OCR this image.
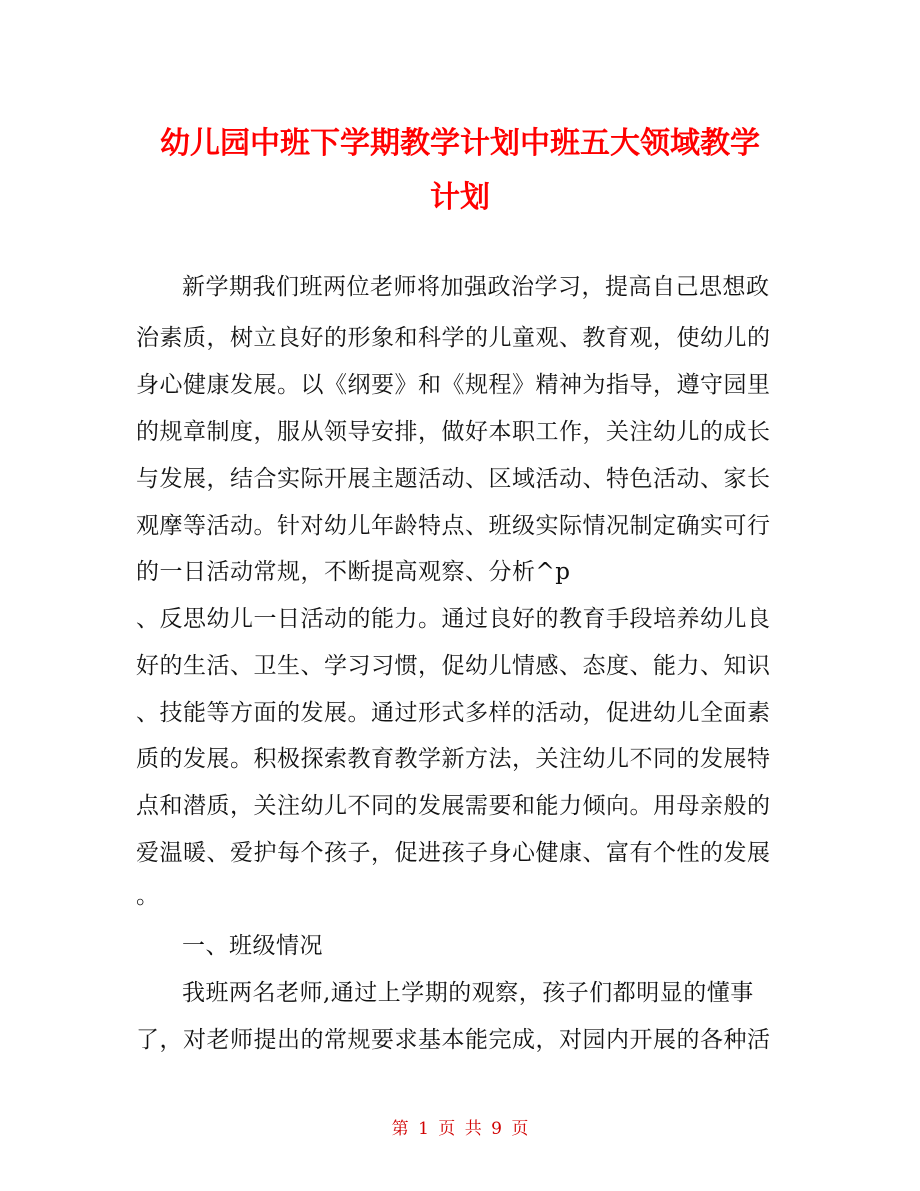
幼儿园中班下学期教学计划中班五大领域教学
计划
新学期我们班两位老师将加强政治学习，提高自己思想政
治素质，树立良好的形象和科学的儿童观、教育观，使幼儿的
身心健康发展。以《纲要》和《规程》精神为指导，遵守园里
的规章制度，服从领导安排，做好本职工作，关注幼儿的成长
与发展，结合实际开展主题活动、区域活动、特色活动、家长
观摩等活动。针对幼儿年龄特点、班级实际情况制定确实可行
的一日活动常规，不断提高观察、分析^p
、反思幼儿一日活动的能力。通过良好的教育手段培养幼儿良
好的生活、卫生、学习习惯，促幼儿情感、态度、能力、知识
、技能等方面的发展。通过形式多样的活动，促进幼儿全面素
质的发展。积极探索教育教学新方法，关注幼儿不同的发展特
点和潜质，关注幼儿不同的发展需要和能力倾向。用母亲般的
爱温暖、爱护每个孩子，促进孩子身心健康、富有个性的发展
。
一、班级情况
我班两名老师,通过上学期的观察，孩子们都明显的懂事
了，对老师提出的常规要求基本能完成，对园内开展的各种活
第 1 页 共 9 页
